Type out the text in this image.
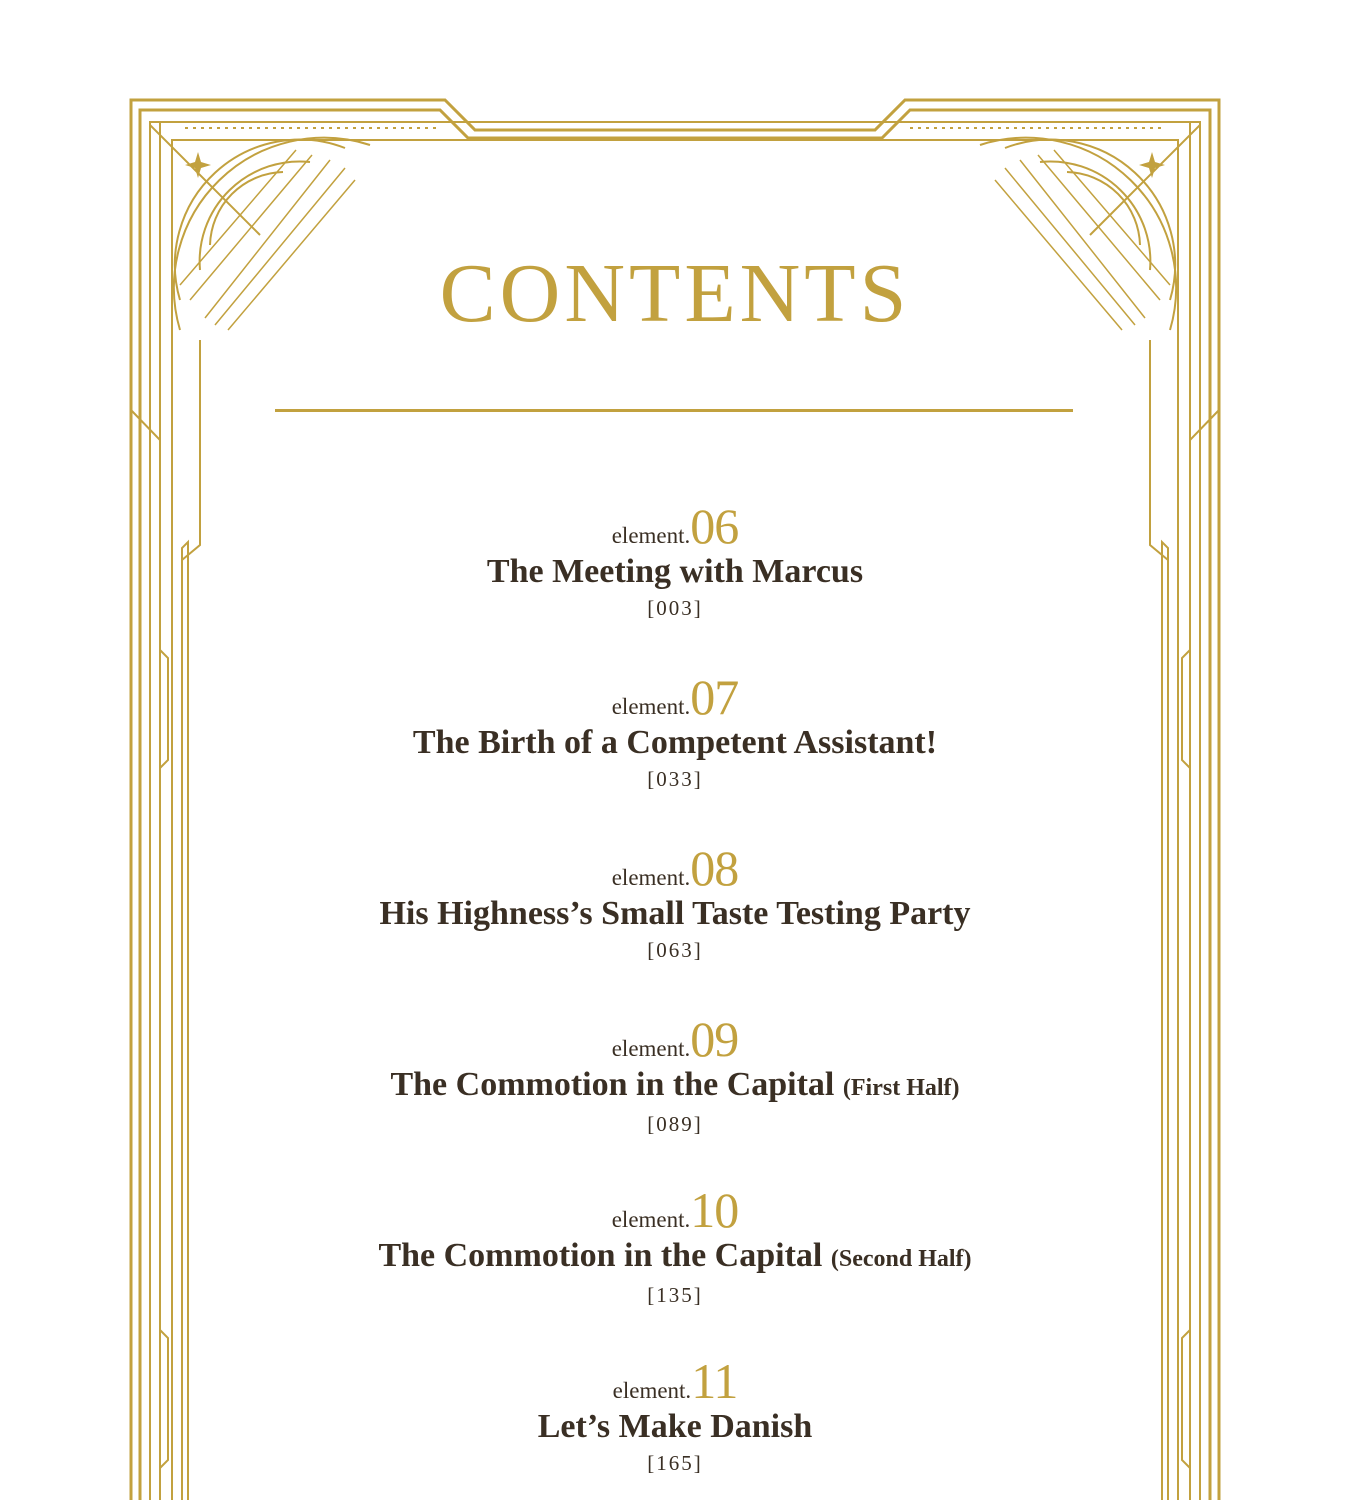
CONTENTS
element.06
The Meeting with Marcus
[003]
element.07
The Birth of a Competent Assistant!
[033]
element.08
His Highness’s Small Taste Testing Party
[063]
element.09
The Commotion in the Capital (First Half)
[089]
element.10
The Commotion in the Capital (Second Half)
[135]
element.11
Let’s Make Danish
[165]
